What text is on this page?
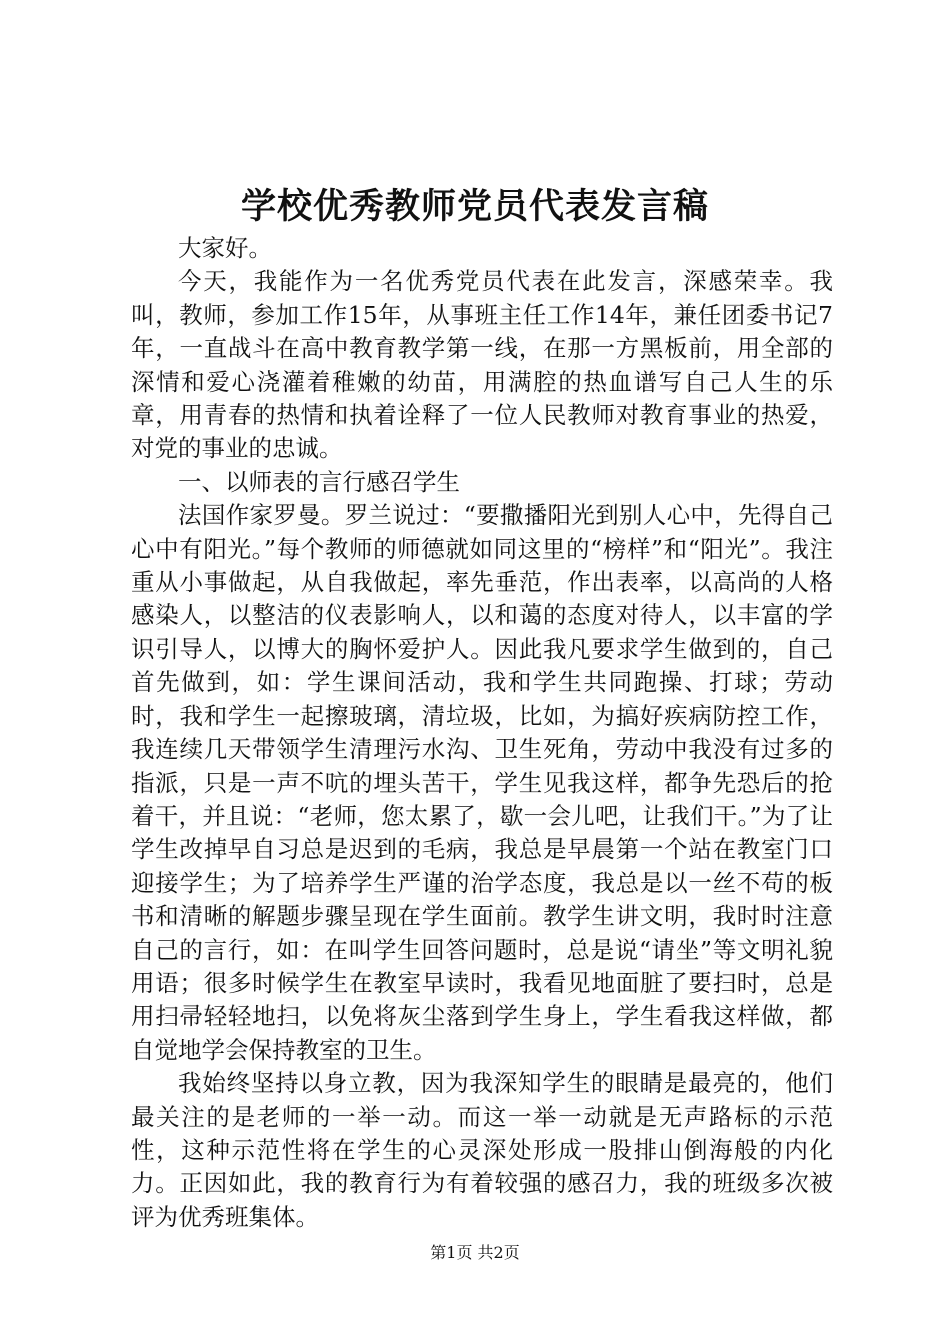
学校优秀教师党员代表发言稿

大家好。

今天，我能作为一名优秀党员代表在此发言，深感荣幸。我叫，教师，参加工作15年，从事班主任工作14年，兼任团委书记7年，一直战斗在高中教育教学第一线，在那一方黑板前，用全部的深情和爱心浇灌着稚嫩的幼苗，用满腔的热血谱写自己人生的乐章，用青春的热情和执着诠释了一位人民教师对教育事业的热爱，对党的事业的忠诚。

一、以师表的言行感召学生

法国作家罗曼。罗兰说过：“要撒播阳光到别人心中，先得自己心中有阳光。”每个教师的师德就如同这里的“榜样”和“阳光”。我注重从小事做起，从自我做起，率先垂范，作出表率，以高尚的人格感染人，以整洁的仪表影响人，以和蔼的态度对待人，以丰富的学识引导人，以博大的胸怀爱护人。因此我凡要求学生做到的，自己首先做到，如：学生课间活动，我和学生共同跑操、打球；劳动时，我和学生一起擦玻璃，清垃圾，比如，为搞好疾病防控工作，我连续几天带领学生清理污水沟、卫生死角，劳动中我没有过多的指派，只是一声不吭的埋头苦干，学生见我这样，都争先恐后的抢着干，并且说：“老师，您太累了，歇一会儿吧，让我们干。”为了让学生改掉早自习总是迟到的毛病，我总是早晨第一个站在教室门口迎接学生；为了培养学生严谨的治学态度，我总是以一丝不苟的板书和清晰的解题步骤呈现在学生面前。教学生讲文明，我时时注意自己的言行，如：在叫学生回答问题时，总是说“请坐”等文明礼貌用语；很多时候学生在教室早读时，我看见地面脏了要扫时，总是用扫帚轻轻地扫，以免将灰尘落到学生身上，学生看我这样做，都自觉地学会保持教室的卫生。

我始终坚持以身立教，因为我深知学生的眼睛是最亮的，他们最关注的是老师的一举一动。而这一举一动就是无声路标的示范性，这种示范性将在学生的心灵深处形成一股排山倒海般的内化力。正因如此，我的教育行为有着较强的感召力，我的班级多次被评为优秀班集体。

第1页 共2页
